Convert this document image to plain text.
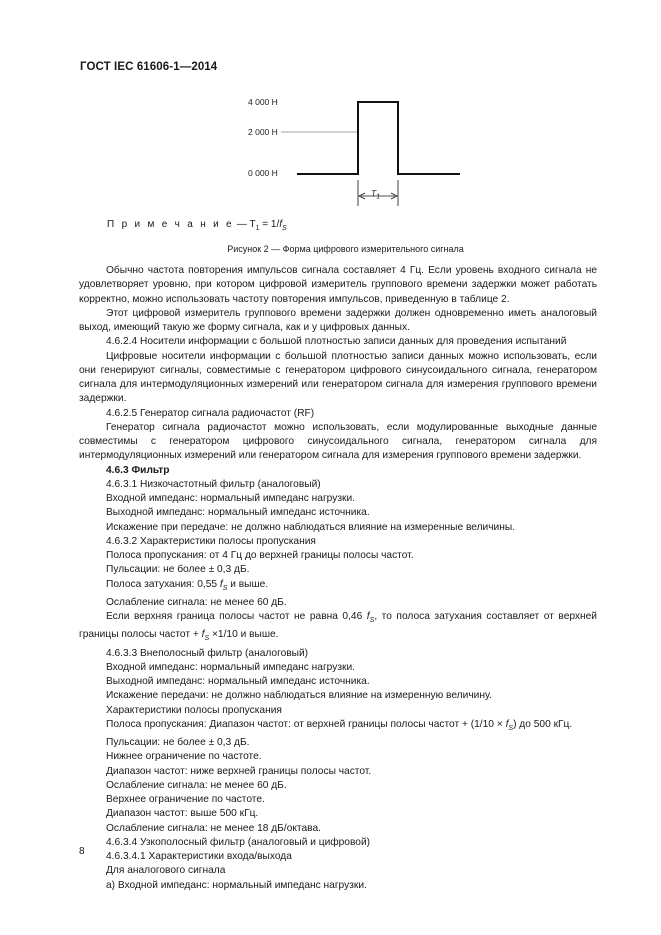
ГОСТ IEC 61606-1—2014
4 000 H
2 000 H
0 000 H
$T_1$
П р и м е ч а н и е — $T_1 = 1/f_S$
Рисунок 2 — Форма цифрового измерительного сигнала

Обычно частота повторения импульсов сигнала составляет 4 Гц. Если уровень входного сигнала не удовлетворяет уровню, при котором цифровой измеритель группового времени задержки может работать корректно, можно использовать частоту повторения импульсов, приведенную в таблице 2.

Этот цифровой измеритель группового времени задержки должен одновременно иметь аналоговый выход, имеющий такую же форму сигнала, как и у цифровых данных.

4.6.2.4 Носители информации с большой плотностью записи данных для проведения испытаний

Цифровые носители информации с большой плотностью записи данных можно использовать, если они генерируют сигналы, совместимые с генератором цифрового синусоидального сигнала, генератором сигнала для интермодуляционных измерений или генератором сигнала для измерения группового времени задержки.

4.6.2.5 Генератор сигнала радиочастот (RF)

Генератор сигнала радиочастот можно использовать, если модулированные выходные данные совместимы с генератором цифрового синусоидального сигнала, генератором сигнала для интермодуляционных измерений или генератором сигнала для измерения группового времени задержки.

4.6.3 Фильтр

4.6.3.1 Низкочастотный фильтр (аналоговый)

Входной импеданс: нормальный импеданс нагрузки.

Выходной импеданс: нормальный импеданс источника.

Искажение при передаче: не должно наблюдаться влияние на измеренные величины.

4.6.3.2 Характеристики полосы пропускания

Полоса пропускания: от 4 Гц до верхней границы полосы частот.

Пульсации: не более ± 0,3 дБ.

Полоса затухания: 0,55 $f_S$ и выше.

Ослабление сигнала: не менее 60 дБ.

Если верхняя граница полосы частот не равна 0,46 $f_S$, то полоса затухания составляет от верхней границы полосы частот + $f_S \times 1/10$ и выше.

4.6.3.3 Внеполосный фильтр (аналоговый)

Входной импеданс: нормальный импеданс нагрузки.

Выходной импеданс: нормальный импеданс источника.

Искажение передачи: не должно наблюдаться влияние на измеренную величину.

Характеристики полосы пропускания

Полоса пропускания: Диапазон частот: от верхней границы полосы частот + $(1/10 \times f_S)$ до 500 кГц.

Пульсации: не более ± 0,3 дБ.

Нижнее ограничение по частоте.

Диапазон частот: ниже верхней границы полосы частот.

Ослабление сигнала: не менее 60 дБ.

Верхнее ограничение по частоте.

Диапазон частот: выше 500 кГц.

Ослабление сигнала: не менее 18 дБ/октава.

4.6.3.4 Узкополосный фильтр (аналоговый и цифровой)

4.6.3.4.1 Характеристики входа/выхода

Для аналогового сигнала

а) Входной импеданс: нормальный импеданс нагрузки.

8
